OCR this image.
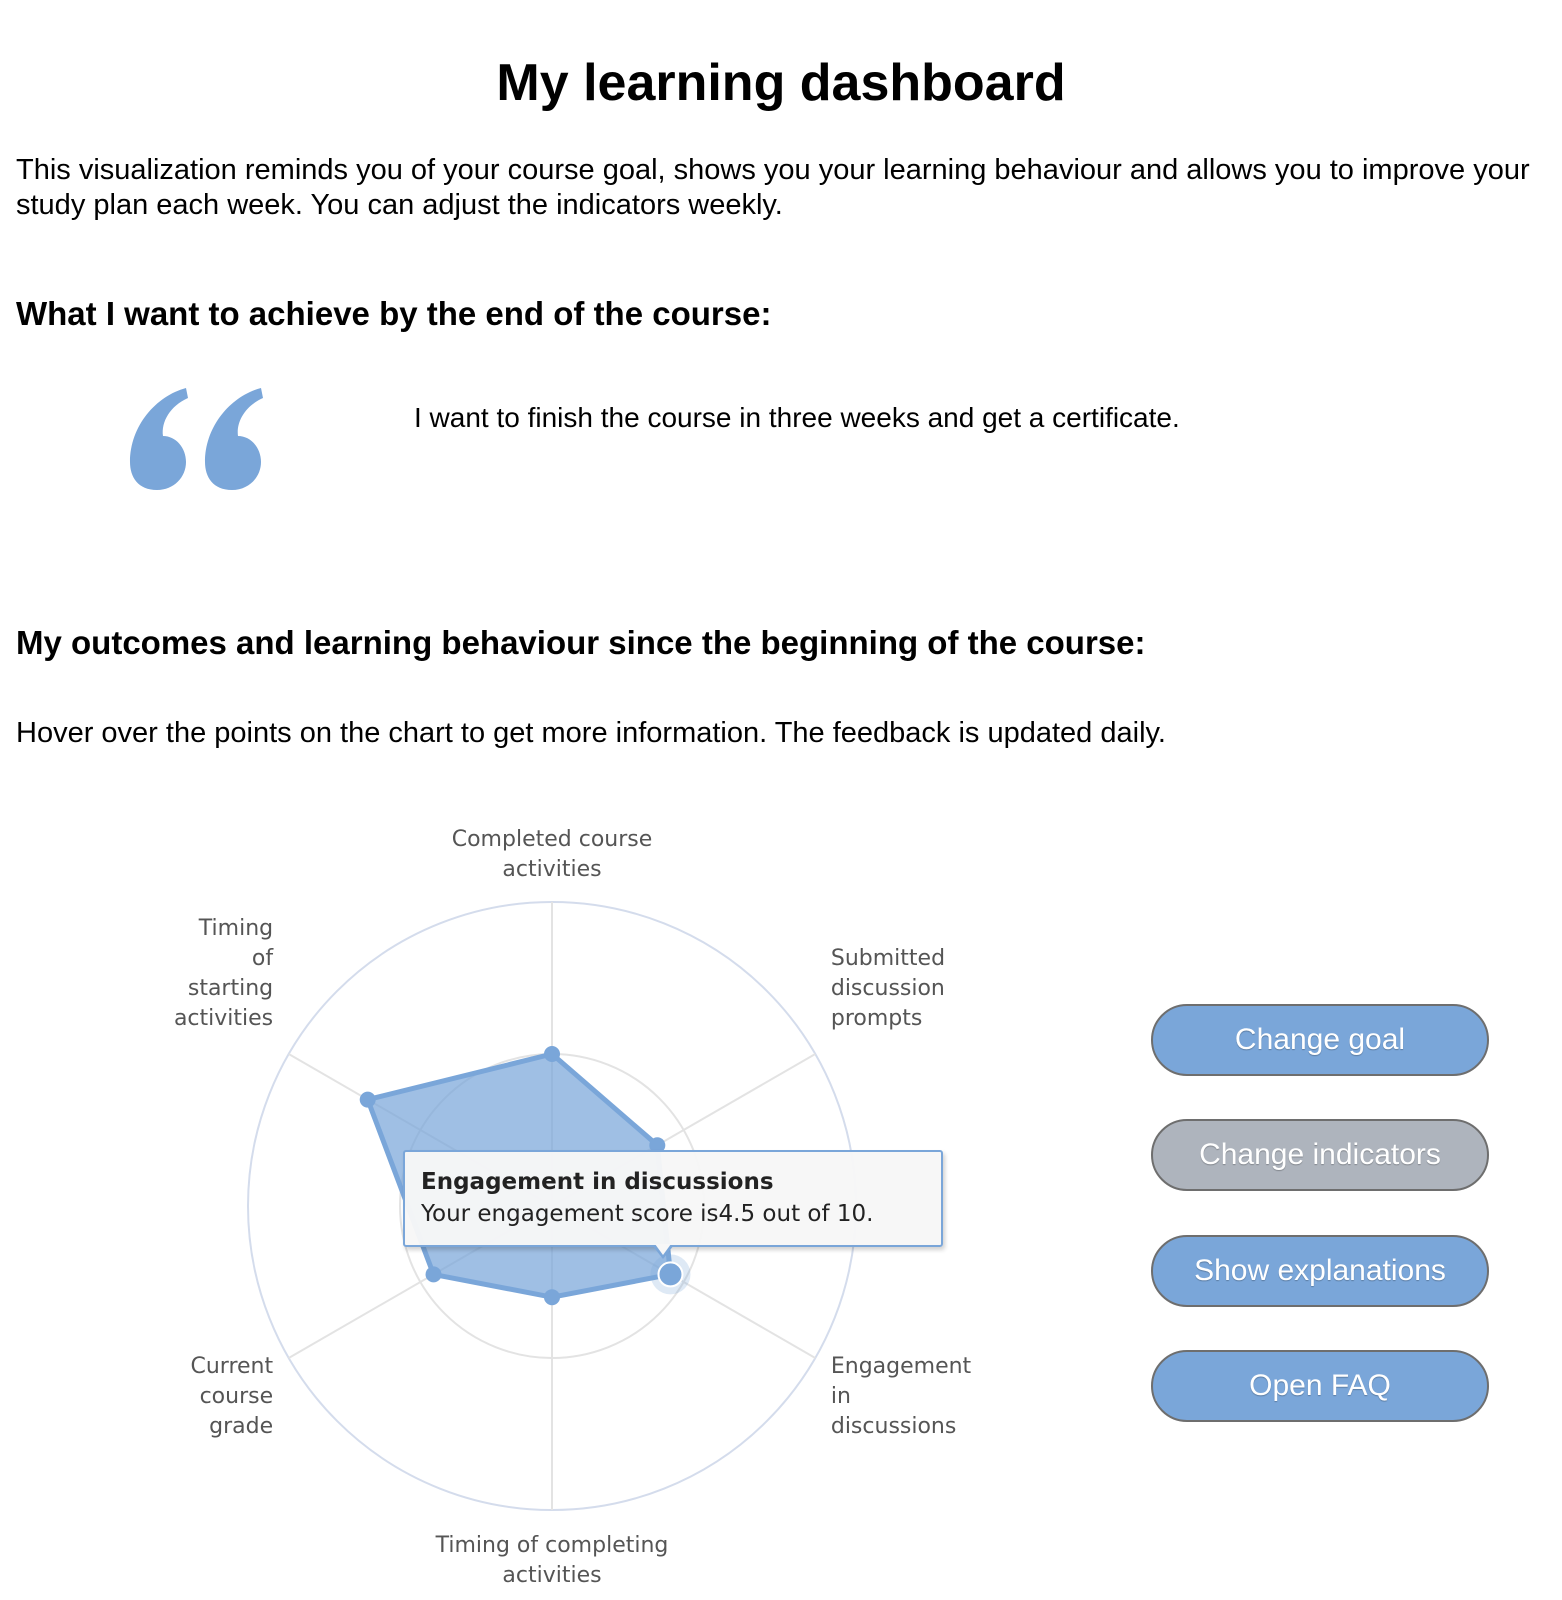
My learning dashboard

This visualization reminds you of your course goal, shows you your learning behaviour and allows you to improve your study plan each week. You can adjust the indicators weekly.

What I want to achieve by the end of the course:

I want to finish the course in three weeks and get a certificate.

My outcomes and learning behaviour since the beginning of the course:

Hover over the points on the chart to get more information. The feedback is updated daily.

Completed course activities
Submitted discussion prompts
Engagement in discussions
Timing of completing activities
Current course grade
Timing of starting activities
Engagement in discussions
Your engagement score is4.5 out of 10.
Change goal
Change indicators
Show explanations
Open FAQ
